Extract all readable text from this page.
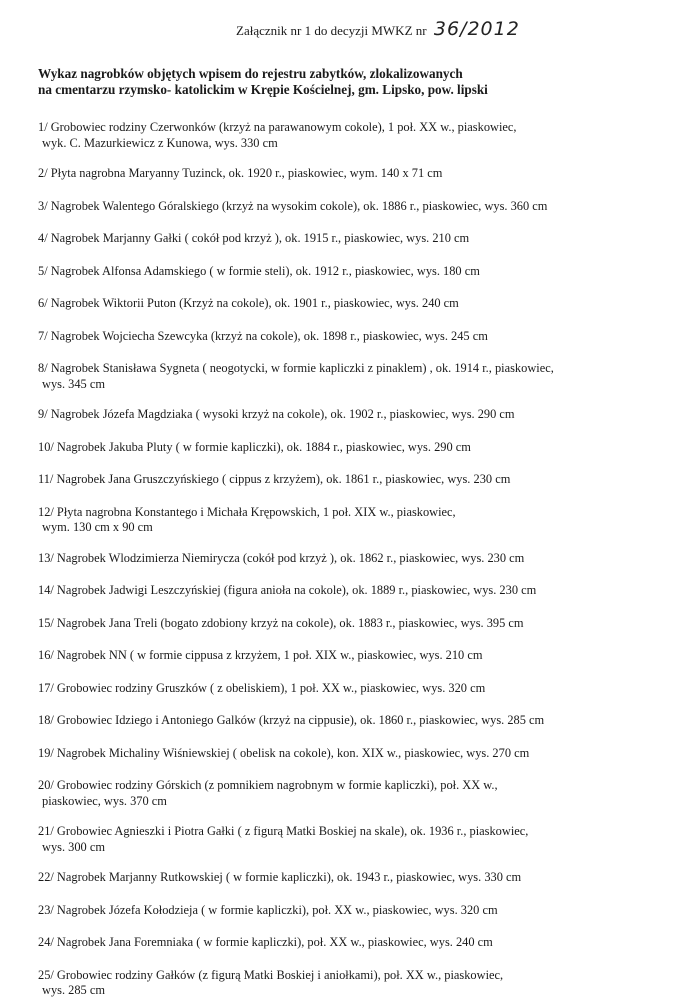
Załącznik nr 1 do decyzji MWKZ nr 36/2012
Wykaz nagrobków objętych wpisem do rejestru zabytków, zlokalizowanych
na cmentarzu rzymsko- katolickim w Krępie Kościelnej, gm. Lipsko, pow. lipski
1/ Grobowiec rodziny Czerwonków (krzyż na parawanowym cokole), 1 poł. XX w., piaskowiec,
wyk. C. Mazurkiewicz z Kunowa, wys. 330 cm
2/ Płyta nagrobna Maryanny Tuzinck, ok. 1920 r., piaskowiec, wym. 140 x 71 cm
3/ Nagrobek Walentego Góralskiego (krzyż na wysokim cokole), ok. 1886 r., piaskowiec, wys. 360 cm
4/ Nagrobek Marjanny Gałki ( cokół pod krzyż ), ok. 1915 r., piaskowiec, wys. 210 cm
5/ Nagrobek Alfonsa Adamskiego ( w formie steli), ok. 1912 r., piaskowiec, wys. 180 cm
6/ Nagrobek Wiktorii Puton (Krzyż na cokole), ok. 1901 r., piaskowiec, wys. 240 cm
7/ Nagrobek Wojciecha Szewcyka (krzyż na cokole), ok. 1898 r., piaskowiec, wys. 245 cm
8/ Nagrobek Stanisława Sygneta ( neogotycki, w formie kapliczki z pinaklem) , ok. 1914 r., piaskowiec,
wys. 345 cm
9/ Nagrobek Józefa Magdziaka ( wysoki krzyż na cokole), ok. 1902 r., piaskowiec, wys. 290 cm
10/ Nagrobek Jakuba Pluty ( w formie kapliczki), ok. 1884 r., piaskowiec, wys. 290 cm
11/ Nagrobek Jana Gruszczyńskiego ( cippus z krzyżem), ok. 1861 r., piaskowiec, wys. 230 cm
12/ Płyta nagrobna Konstantego i Michała Krępowskich, 1 poł. XIX w., piaskowiec,
wym. 130 cm x 90 cm
13/ Nagrobek Wlodzimierza Niemirycza (cokół pod krzyż ), ok. 1862 r., piaskowiec, wys. 230 cm
14/ Nagrobek Jadwigi Leszczyńskiej (figura anioła na cokole), ok. 1889 r., piaskowiec, wys. 230 cm
15/ Nagrobek Jana Treli (bogato zdobiony krzyż na cokole), ok. 1883 r., piaskowiec, wys. 395 cm
16/ Nagrobek NN ( w formie cippusa z krzyżem, 1 poł. XIX w., piaskowiec, wys. 210 cm
17/ Grobowiec rodziny Gruszków ( z obeliskiem), 1 poł. XX w., piaskowiec, wys. 320 cm
18/ Grobowiec Idziego i Antoniego Galków (krzyż na cippusie), ok. 1860 r., piaskowiec, wys. 285 cm
19/ Nagrobek Michaliny Wiśniewskiej ( obelisk na cokole), kon. XIX w., piaskowiec, wys. 270 cm
20/ Grobowiec rodziny Górskich (z pomnikiem nagrobnym w formie kapliczki), poł. XX w.,
piaskowiec, wys. 370 cm
21/ Grobowiec Agnieszki i Piotra Gałki ( z figurą Matki Boskiej na skale), ok. 1936 r., piaskowiec,
wys. 300 cm
22/ Nagrobek Marjanny Rutkowskiej ( w formie kapliczki), ok. 1943 r., piaskowiec, wys. 330 cm
23/ Nagrobek Józefa Kołodzieja ( w formie kapliczki), poł. XX w., piaskowiec, wys. 320 cm
24/ Nagrobek Jana Foremniaka ( w formie kapliczki), poł. XX w., piaskowiec, wys. 240 cm
25/ Grobowiec rodziny Gałków (z figurą Matki Boskiej i aniołkami), poł. XX w., piaskowiec,
wys. 285 cm
